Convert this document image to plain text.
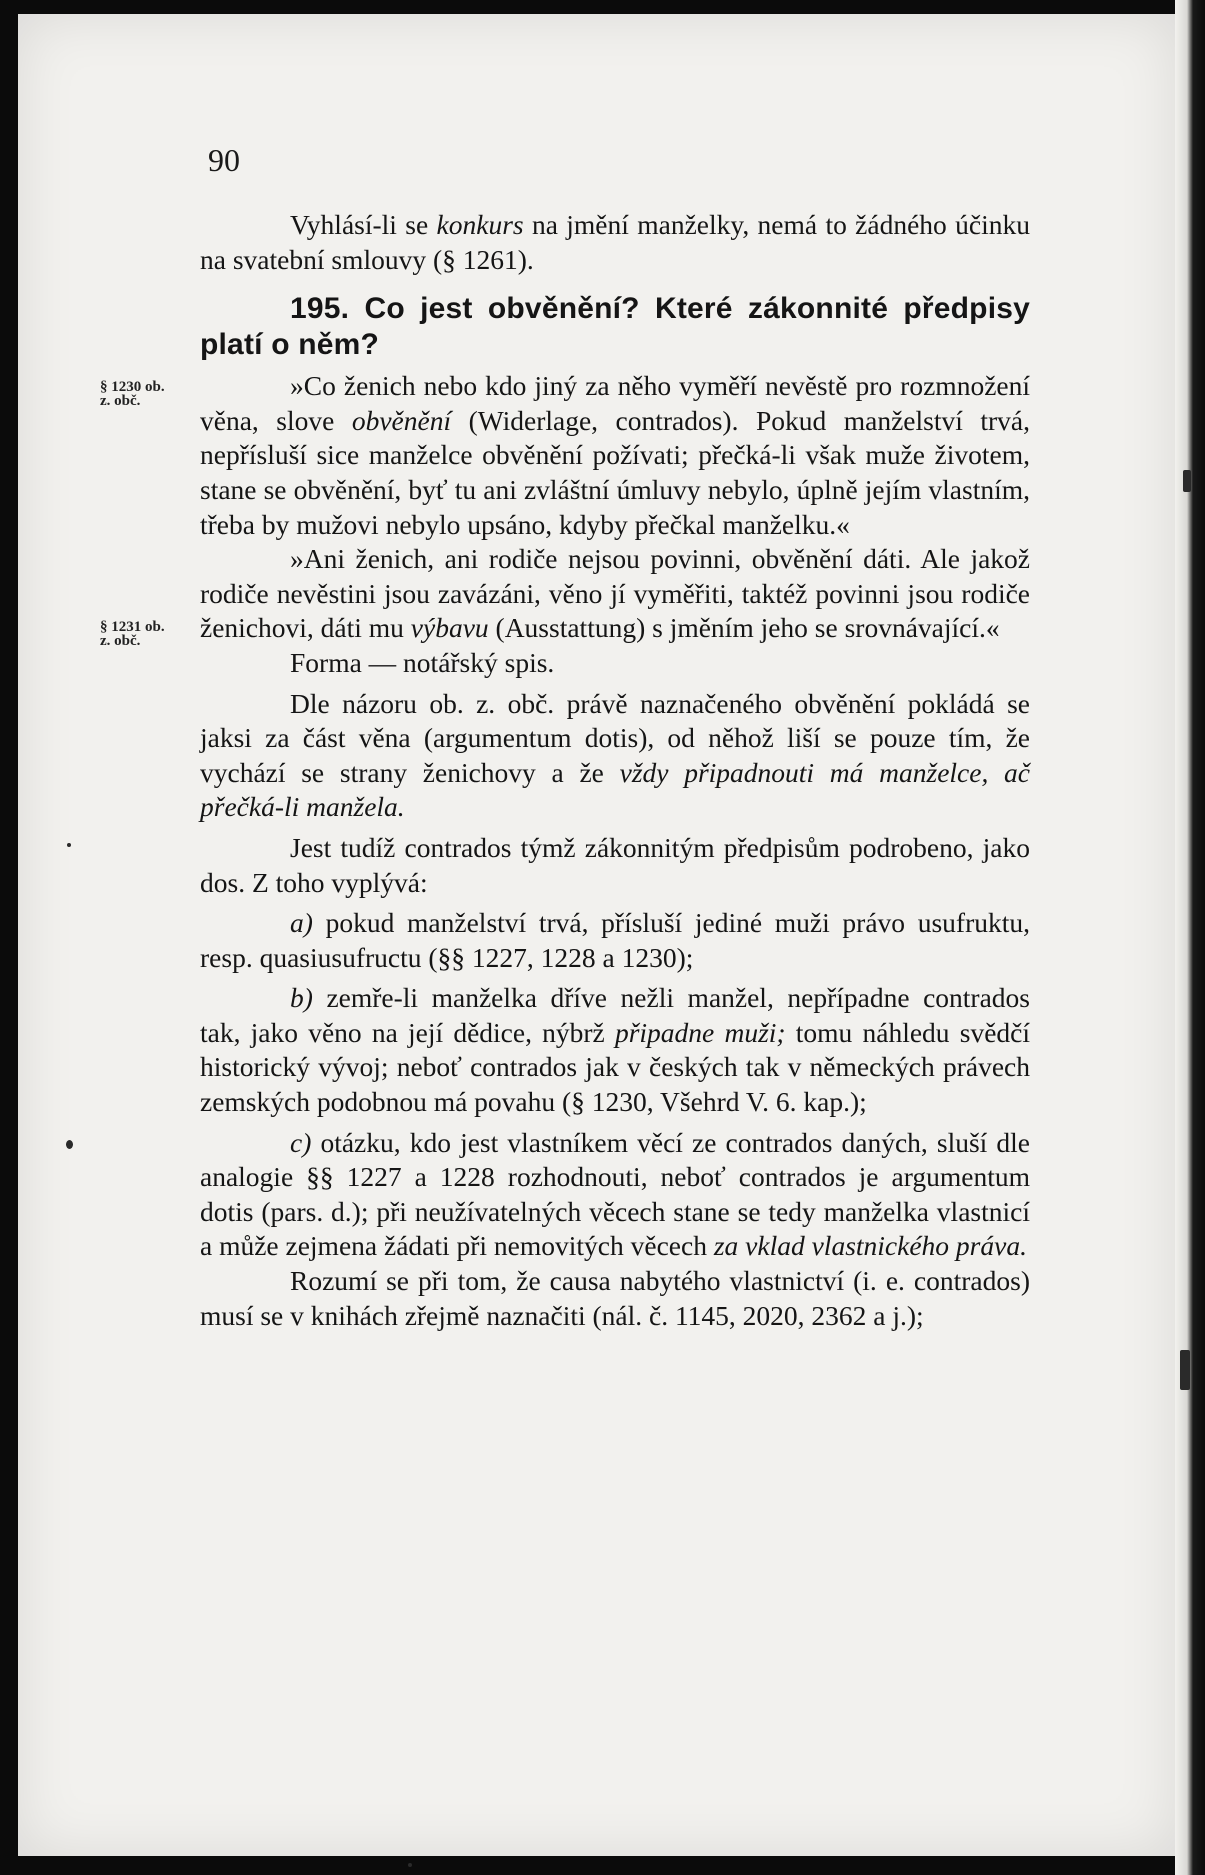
90
§ 1230 ob.
z. obč.
§ 1231 ob.
z. obč.

Vyhlásí-li se konkurs na jmění manželky, nemá to žádného účinku na svatební smlouvy (§ 1261).

195. Co jest obvěnění? Které zákonnité předpisy platí o něm?

»Co ženich nebo kdo jiný za něho vyměří nevěstě pro rozmnožení věna, slove obvěnění (Widerlage, contrados). Pokud manželství trvá, nepřísluší sice manželce obvěnění požívati; přečká-li však muže životem, stane se obvěnění, byť tu ani zvláštní úmluvy nebylo, úplně jejím vlastním, třeba by mužovi nebylo upsáno, kdyby přečkal manželku.«

»Ani ženich, ani rodiče nejsou povinni, obvěnění dáti. Ale jakož rodiče nevěstini jsou zavázáni, věno jí vyměřiti, taktéž povinni jsou rodiče ženichovi, dáti mu výbavu (Ausstattung) s jměním jeho se srovnávající.«

Forma — notářský spis.

Dle názoru ob. z. obč. právě naznačeného obvěnění pokládá se jaksi za část věna (argumentum dotis), od něhož liší se pouze tím, že vychází se strany ženichovy a že vždy připadnouti má manželce, ač přečká-li manžela.

Jest tudíž contrados týmž zákonnitým předpisům podrobeno, jako dos. Z toho vyplývá:

a) pokud manželství trvá, přísluší jediné muži právo usufruktu, resp. quasiusufructu (§§ 1227, 1228 a 1230);

b) zemře-li manželka dříve nežli manžel, nepřípadne contrados tak, jako věno na její dědice, nýbrž připadne muži; tomu náhledu svědčí historický vývoj; neboť contrados jak v českých tak v německých právech zemských podobnou má povahu (§ 1230, Všehrd V. 6. kap.);

c) otázku, kdo jest vlastníkem věcí ze contrados daných, sluší dle analogie §§ 1227 a 1228 rozhodnouti, neboť contrados je argumentum dotis (pars. d.); při neužívatelných věcech stane se tedy manželka vlastnicí a může zejmena žádati při nemovitých věcech za vklad vlastnického práva.

Rozumí se při tom, že causa nabytého vlastnictví (i. e. contrados) musí se v knihách zřejmě naznačiti (nál. č. 1145, 2020, 2362 a j.);
